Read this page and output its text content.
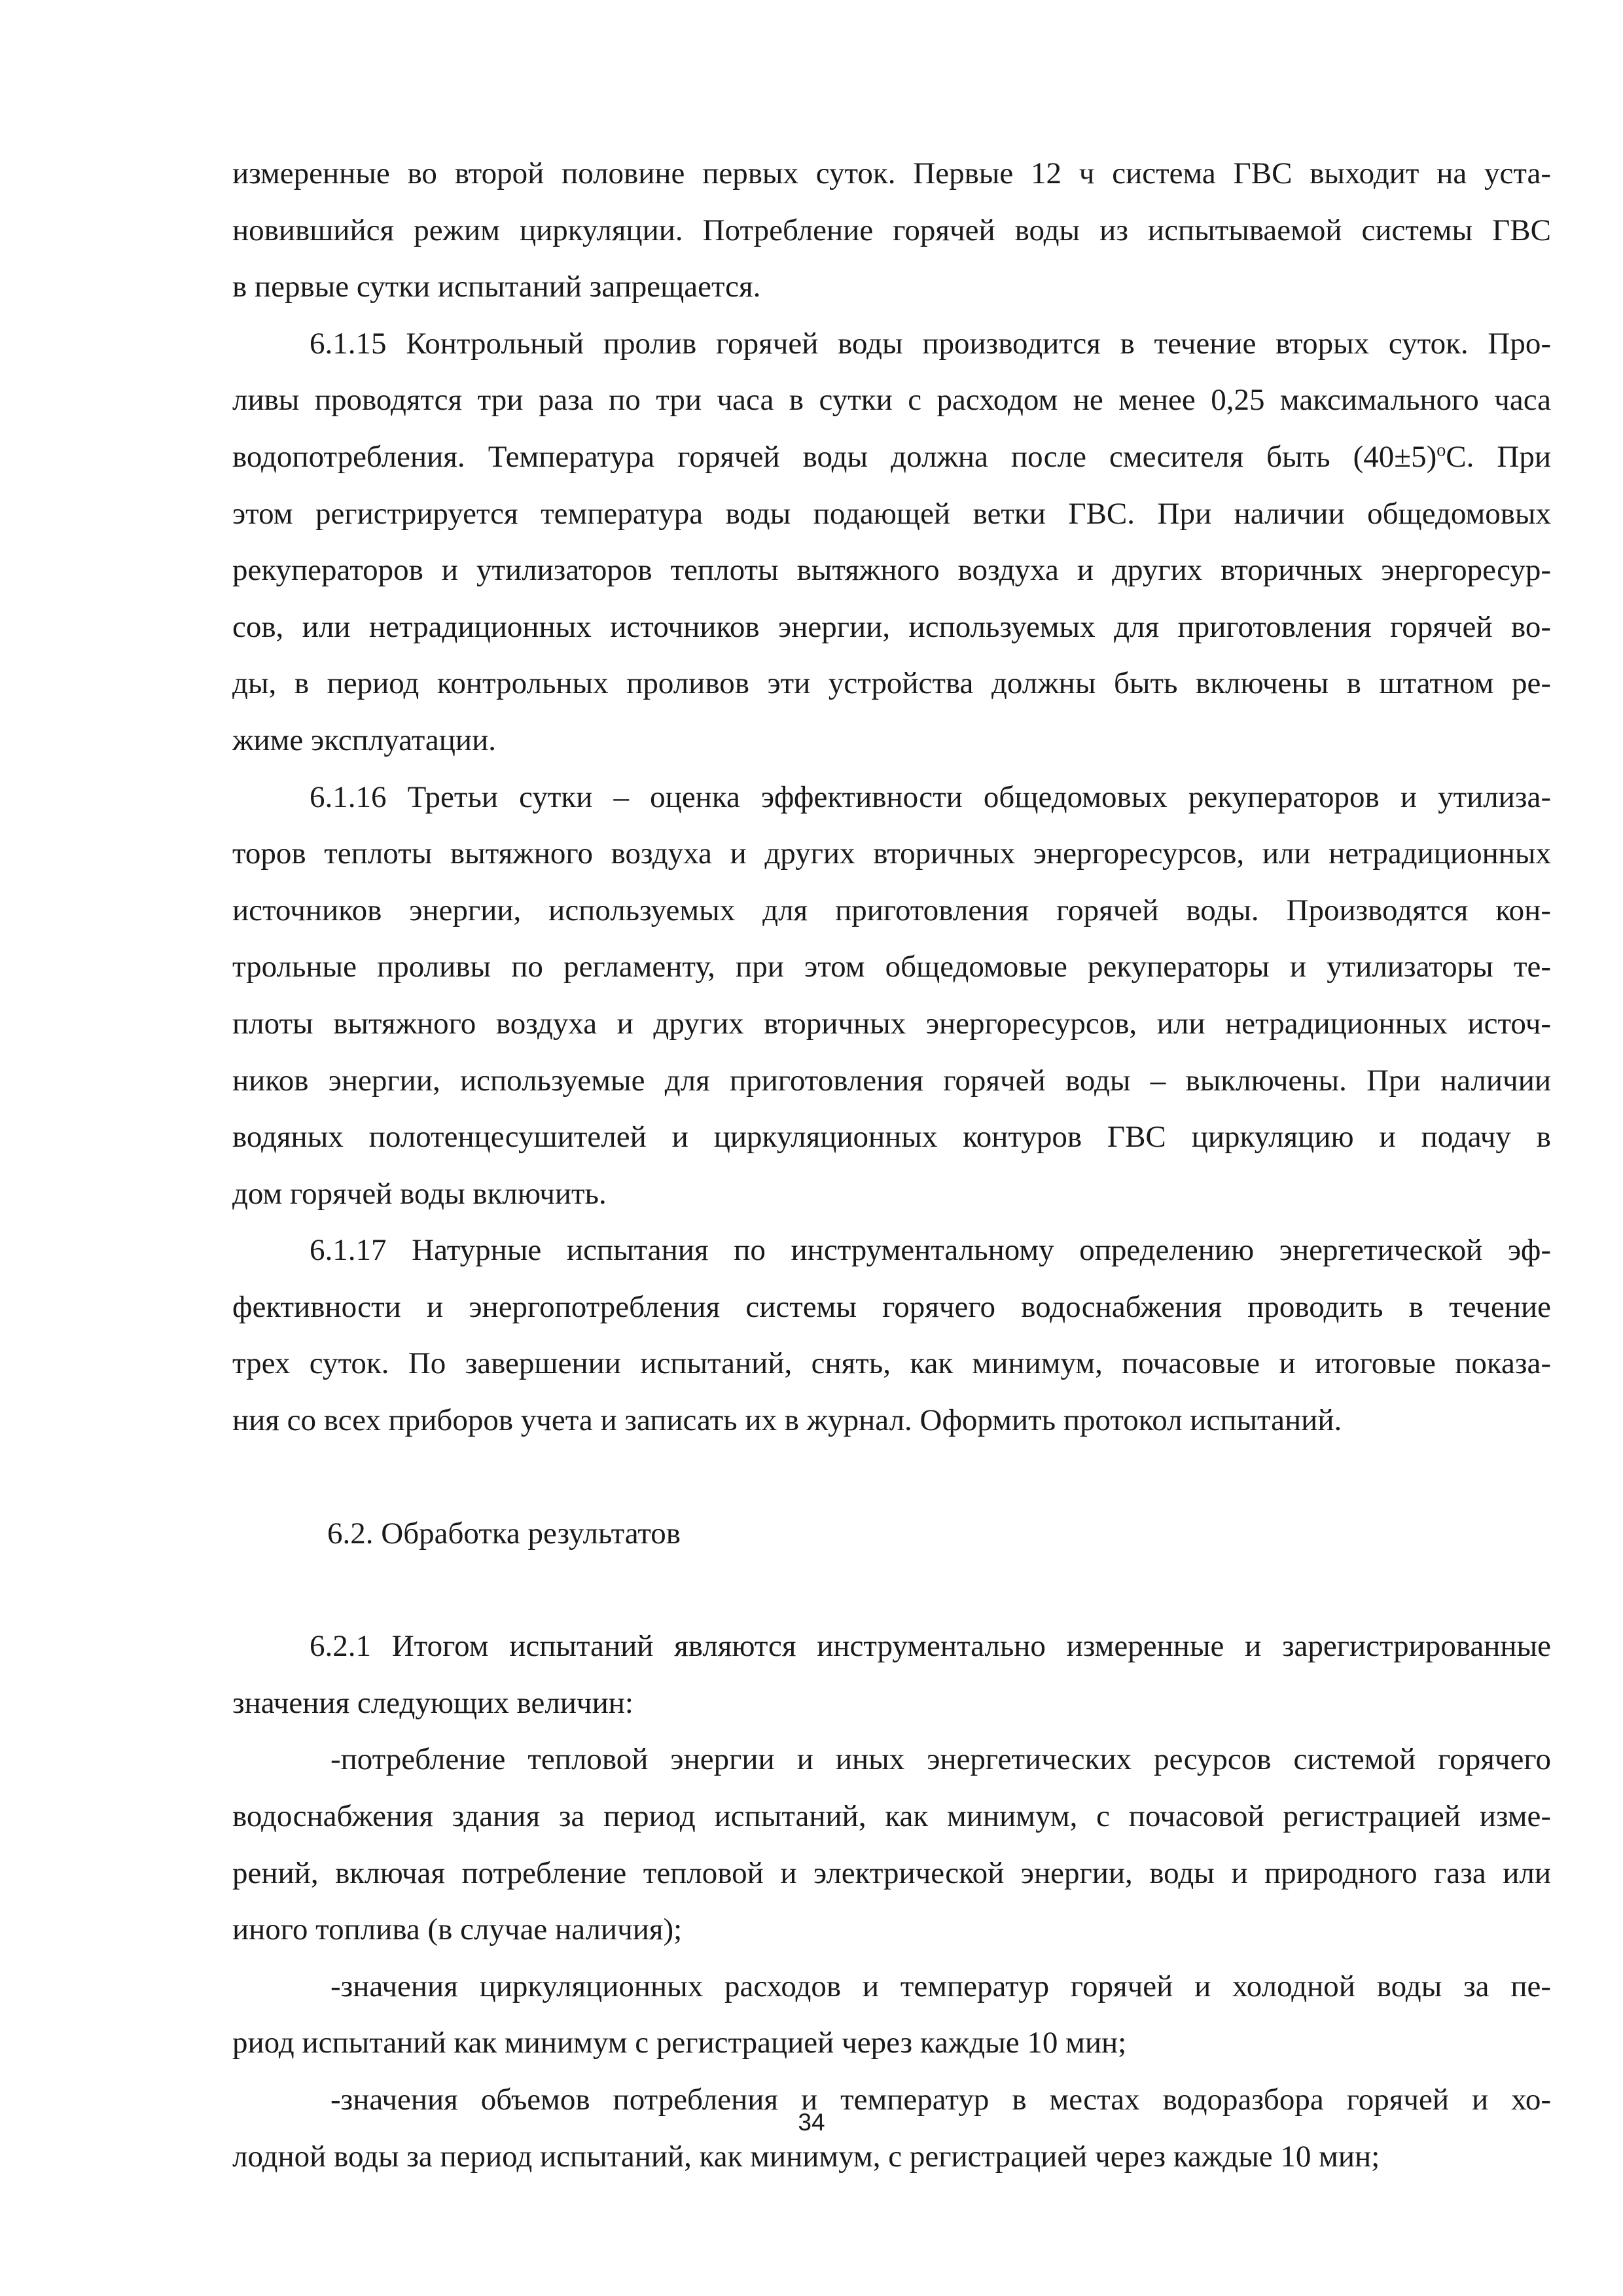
измеренные во второй половине первых суток. Первые 12 ч система ГВС выходит на уста-
новившийся режим циркуляции. Потребление горячей воды из испытываемой системы ГВС
в первые сутки испытаний запрещается.
6.1.15 Контрольный пролив горячей воды производится в течение вторых суток. Про-
ливы проводятся три раза по три часа в сутки с расходом не менее 0,25 максимального часа
водопотребления. Температура горячей воды должна после смесителя быть $(40\pm 5)^oС$. При
этом регистрируется температура воды подающей ветки ГВС. При наличии общедомовых
рекуператоров и утилизаторов теплоты вытяжного воздуха и других вторичных энергоресур-
сов, или нетрадиционных источников энергии, используемых для приготовления горячей во-
ды, в период контрольных проливов эти устройства должны быть включены в штатном ре-
жиме эксплуатации.
6.1.16 Третьи сутки – оценка эффективности общедомовых рекуператоров и утилиза-
торов теплоты вытяжного воздуха и других вторичных энергоресурсов, или нетрадиционных
источников энергии, используемых для приготовления горячей воды. Производятся кон-
трольные проливы по регламенту, при этом общедомовые рекуператоры и утилизаторы те-
плоты вытяжного воздуха и других вторичных энергоресурсов, или нетрадиционных источ-
ников энергии, используемые для приготовления горячей воды – выключены. При наличии
водяных полотенцесушителей и циркуляционных контуров ГВС циркуляцию и подачу в
дом горячей воды включить.
6.1.17 Натурные испытания по инструментальному определению энергетической эф-
фективности и энергопотребления системы горячего водоснабжения проводить в течение
трех суток. По завершении испытаний, снять, как минимум, почасовые и итоговые показа-
ния со всех приборов учета и записать их в журнал. Оформить протокол испытаний.
6.2. Обработка результатов
6.2.1 Итогом испытаний являются инструментально измеренные и зарегистрированные
значения следующих величин:
-потребление тепловой энергии и иных энергетических ресурсов системой горячего
водоснабжения здания за период испытаний, как минимум, с почасовой регистрацией изме-
рений, включая потребление тепловой и электрической энергии, воды и природного газа или
иного топлива (в случае наличия);
-значения циркуляционных расходов и температур горячей и холодной воды за пе-
риод испытаний как минимум с регистрацией через каждые 10 мин;
-значения объемов потребления и температур в местах водоразбора горячей и хо-
лодной воды за период испытаний, как минимум, с регистрацией через каждые 10 мин;
34
